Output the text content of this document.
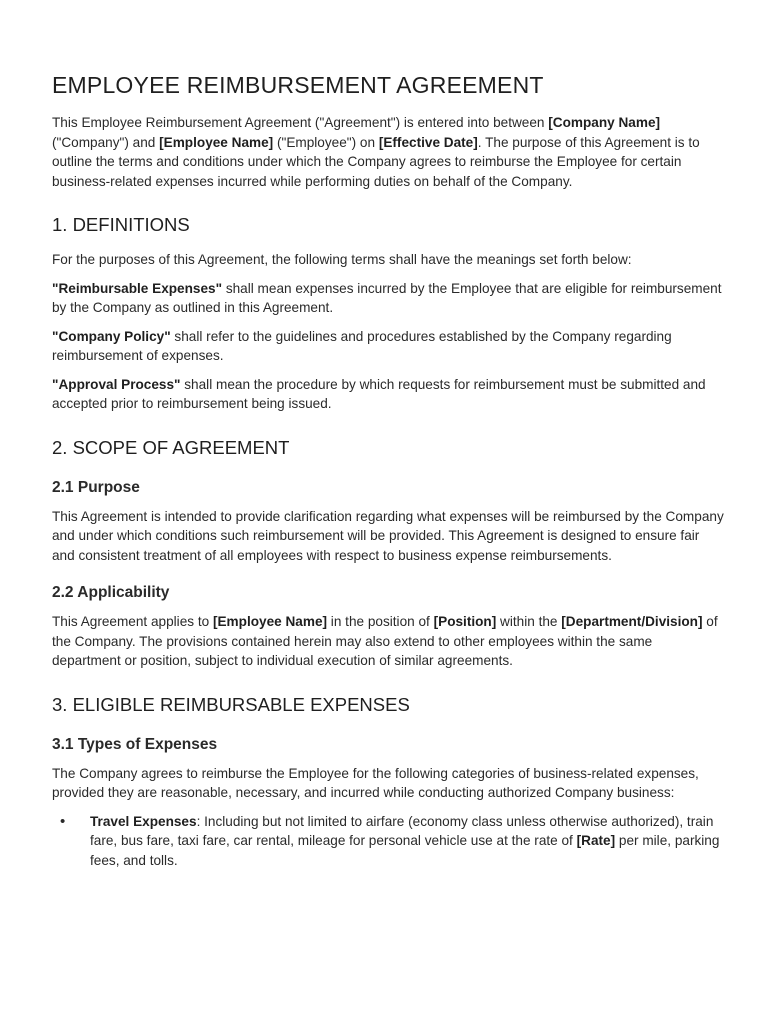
EMPLOYEE REIMBURSEMENT AGREEMENT

This Employee Reimbursement Agreement ("Agreement") is entered into between [Company Name] ("Company") and [Employee Name] ("Employee") on [Effective Date]. The purpose of this Agreement is to outline the terms and conditions under which the Company agrees to reimburse the Employee for certain business-related expenses incurred while performing duties on behalf of the Company.

1. DEFINITIONS

For the purposes of this Agreement, the following terms shall have the meanings set forth below:

"Reimbursable Expenses" shall mean expenses incurred by the Employee that are eligible for reimbursement by the Company as outlined in this Agreement.

"Company Policy" shall refer to the guidelines and procedures established by the Company regarding reimbursement of expenses.

"Approval Process" shall mean the procedure by which requests for reimbursement must be submitted and accepted prior to reimbursement being issued.

2. SCOPE OF AGREEMENT
2.1 Purpose

This Agreement is intended to provide clarification regarding what expenses will be reimbursed by the Company and under which conditions such reimbursement will be provided. This Agreement is designed to ensure fair and consistent treatment of all employees with respect to business expense reimbursements.

2.2 Applicability

This Agreement applies to [Employee Name] in the position of [Position] within the [Department/Division] of the Company. The provisions contained herein may also extend to other employees within the same department or position, subject to individual execution of similar agreements.

3. ELIGIBLE REIMBURSABLE EXPENSES
3.1 Types of Expenses

The Company agrees to reimburse the Employee for the following categories of business-related expenses, provided they are reasonable, necessary, and incurred while conducting authorized Company business:

• Travel Expenses: Including but not limited to airfare (economy class unless otherwise authorized), train fare, bus fare, taxi fare, car rental, mileage for personal vehicle use at the rate of [Rate] per mile, parking fees, and tolls.
